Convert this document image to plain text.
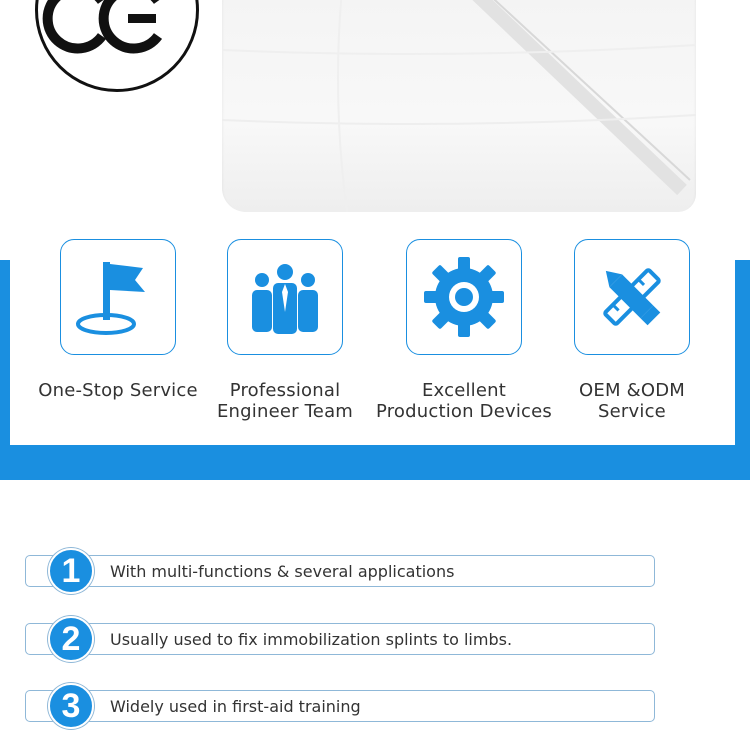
One-Stop Service	Professional
Engineer Team
Excellent
Production Devices
OEM &ODM
Service
1	With multi-functions & several applications
2	Usually used to fix immobilization splints to limbs.
3	Widely used in first-aid training
